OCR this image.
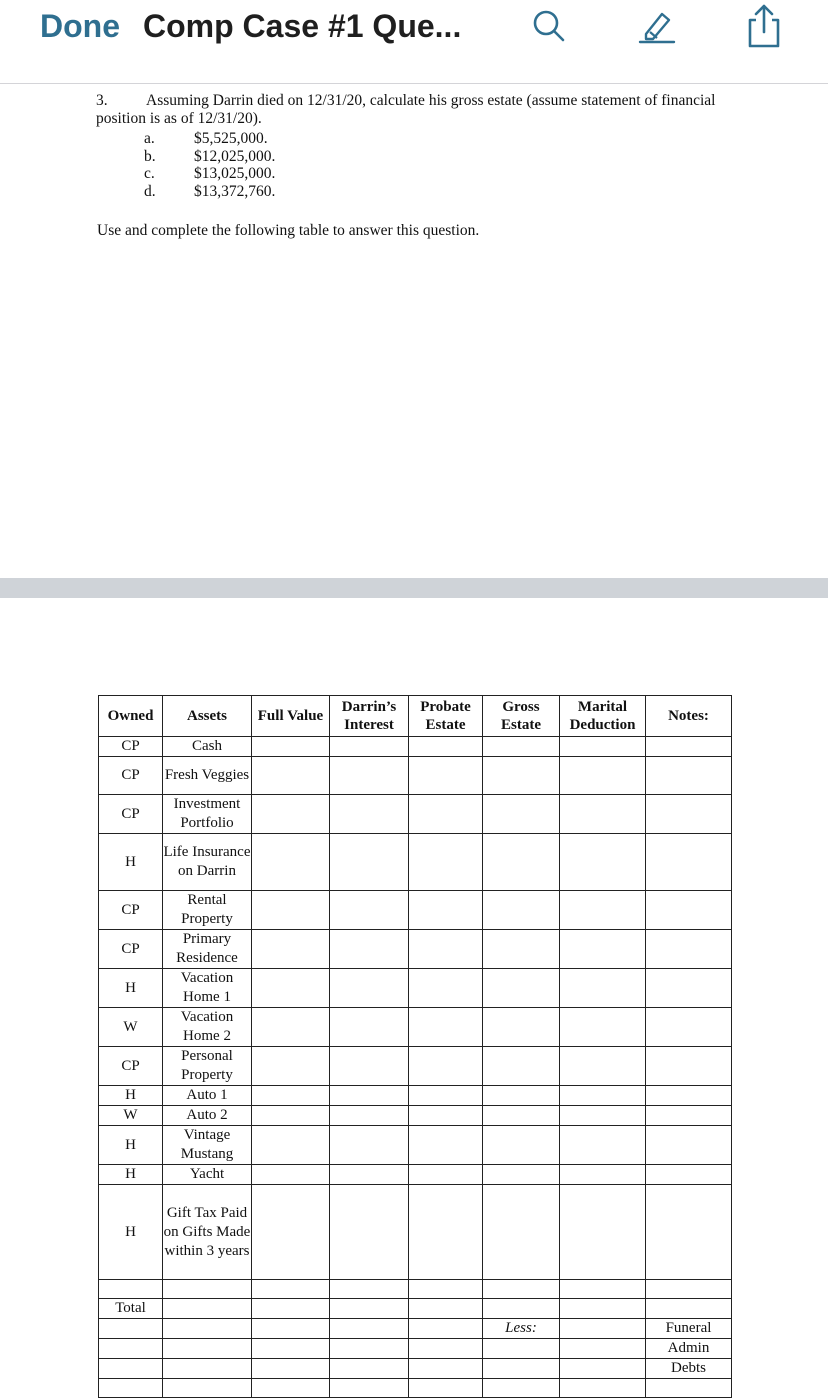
Done Comp Case #1 Que...
3. Assuming Darrin died on 12/31/20, calculate his gross estate (assume statement of financial position is as of 12/31/20).
a.	$5,525,000.
b.	$12,025,000.
c.	$13,025,000.
d.	$13,372,760.
Use and complete the following table to answer this question.
Owned	Assets	Full Value	Darrin’s Interest	Probate Estate	Gross Estate	Marital Deduction	Notes:
CP	Cash						
CP	Fresh Veggies						
CP	Investment Portfolio						
H	Life Insurance on Darrin						
CP	Rental Property						
CP	Primary Residence						
H	Vacation Home 1						
W	Vacation Home 2						
CP	Personal Property						
H	Auto 1						
W	Auto 2						
H	Vintage Mustang						
H	Yacht						
H	Gift Tax Paid on Gifts Made within 3 years						

Total							
					Less:		Funeral
							Admin
							Debts
